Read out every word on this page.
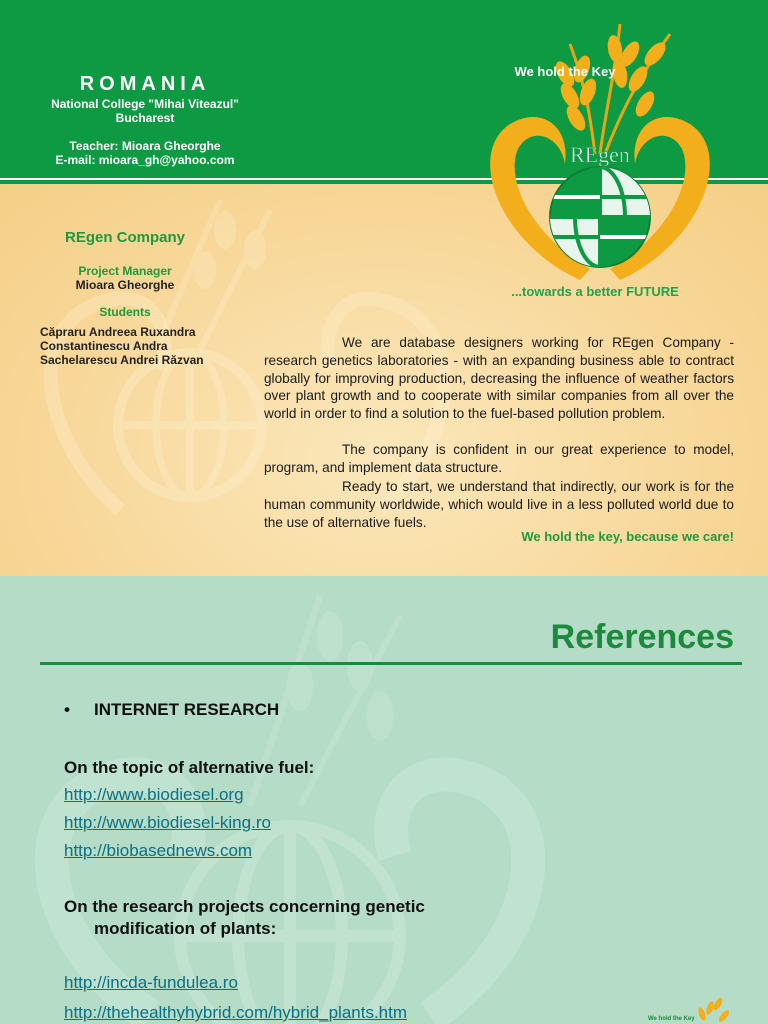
ROMANIA
National College "Mihai Viteazul"
Bucharest
Teacher: Mioara Gheorghe
E-mail: mioara_gh@yahoo.com	REgen
We hold the Key
...towards a better FUTURE
REgen Company
Project Manager
Mioara Gheorghe
Students
Căpraru Andreea Ruxandra
Constantinescu Andra
Sachelarescu Andrei Răzvan
We are database designers working for REgen Company - research genetics laboratories - with an expanding business able to contract globally for improving production, decreasing the influence of weather factors over plant growth and to cooperate with similar companies from all over the world in order to find a solution to the fuel-based pollution problem.
The company is confident in our great experience to model, program, and implement data structure.
Ready to start, we understand that indirectly, our work is for the human community worldwide, which would live in a less polluted world due to the use of alternative fuels.
We hold the key, because we care!
References
• INTERNET RESEARCH
On the topic of alternative fuel:
http://www.biodiesel.org
http://www.biodiesel-king.ro
http://biobasednews.com
On the research projects concerning genetic
modification of plants:
http://incda-fundulea.ro
http://thehealthyhybrid.com/hybrid_plants.htm	We hold the Key
